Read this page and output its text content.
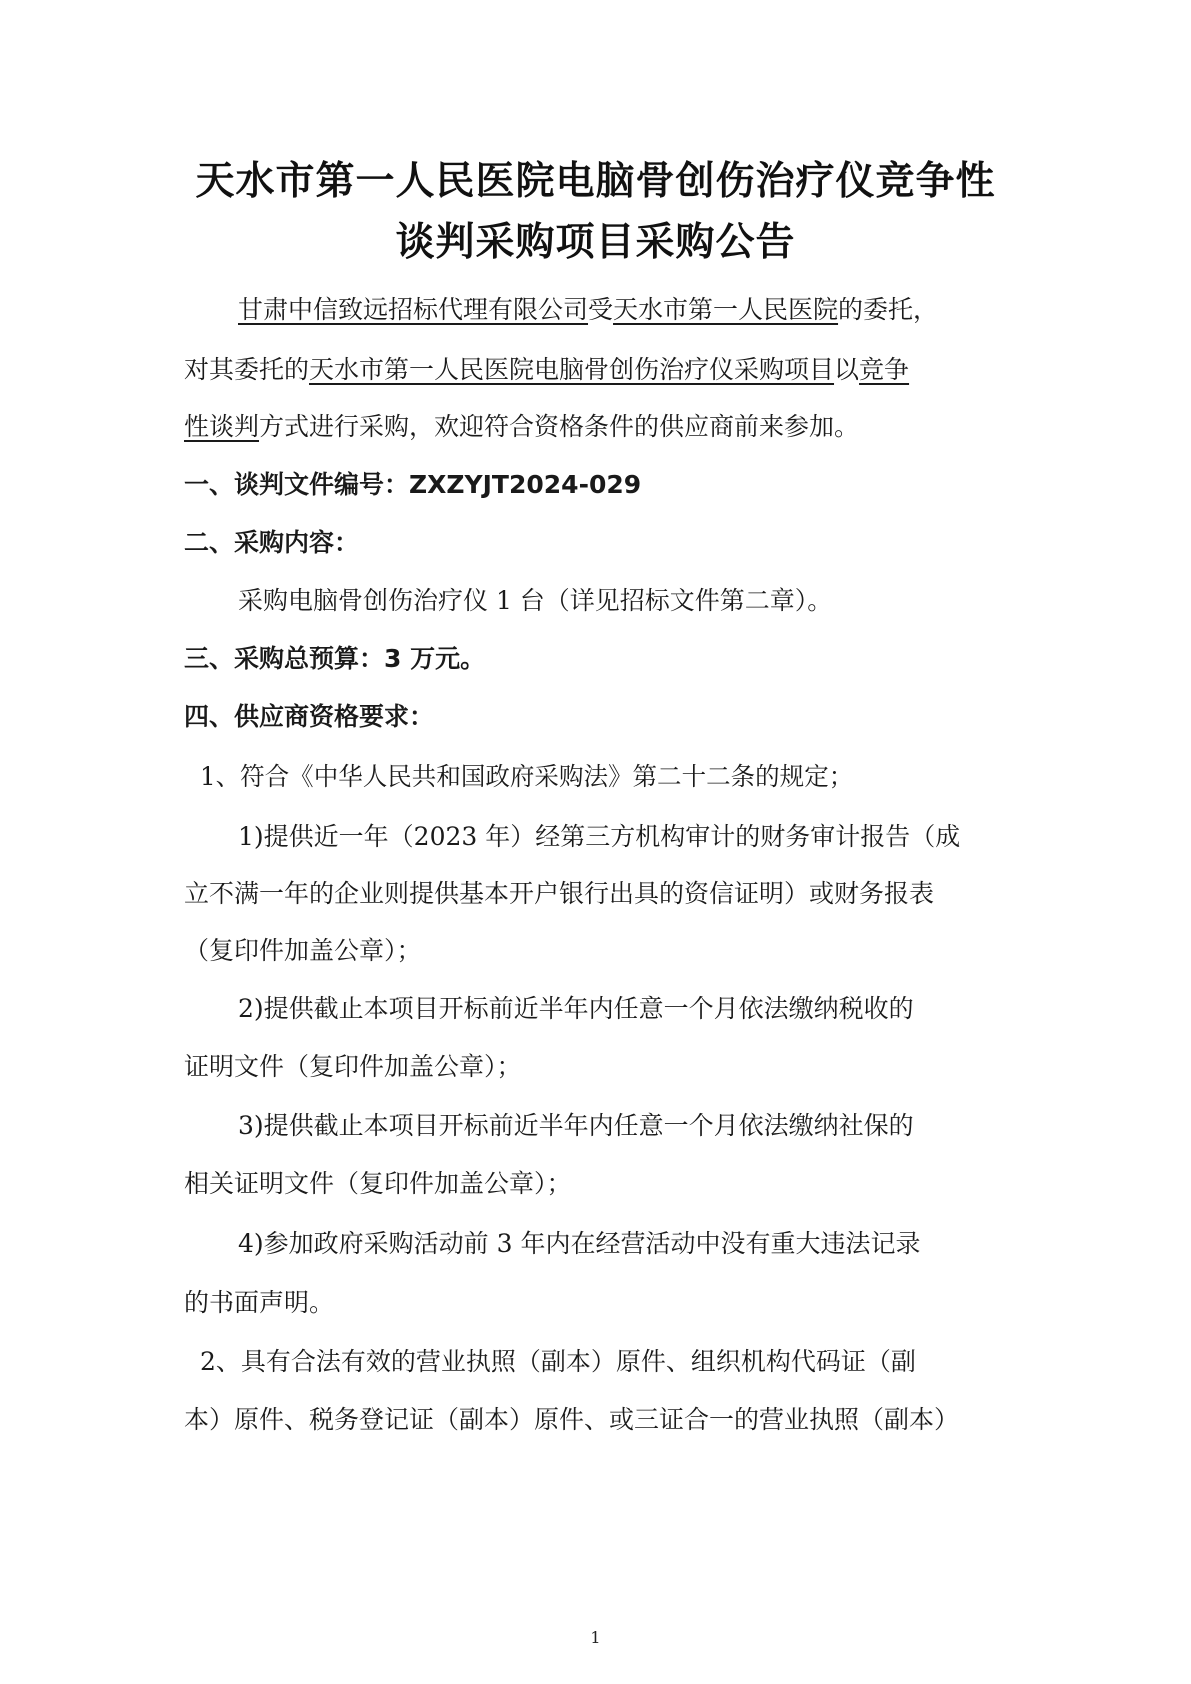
天水市第一人民医院电脑骨创伤治疗仪竞争性
谈判采购项目采购公告
甘肃中信致远招标代理有限公司受天水市第一人民医院的委托，
对其委托的天水市第一人民医院电脑骨创伤治疗仪采购项目以竞争
性谈判方式进行采购，欢迎符合资格条件的供应商前来参加。
一、谈判文件编号：ZXZYJT2024-029
二、采购内容：
采购电脑骨创伤治疗仪 1 台（详见招标文件第二章）。
三、采购总预算：3 万元。
四、供应商资格要求：
1、符合《中华人民共和国政府采购法》第二十二条的规定；
1)提供近一年（2023 年）经第三方机构审计的财务审计报告（成
立不满一年的企业则提供基本开户银行出具的资信证明）或财务报表
（复印件加盖公章）；
2)提供截止本项目开标前近半年内任意一个月依法缴纳税收的
证明文件（复印件加盖公章）；
3)提供截止本项目开标前近半年内任意一个月依法缴纳社保的
相关证明文件（复印件加盖公章）；
4)参加政府采购活动前 3 年内在经营活动中没有重大违法记录
的书面声明。
2、具有合法有效的营业执照（副本）原件、组织机构代码证（副
本）原件、税务登记证（副本）原件、或三证合一的营业执照（副本）
1
